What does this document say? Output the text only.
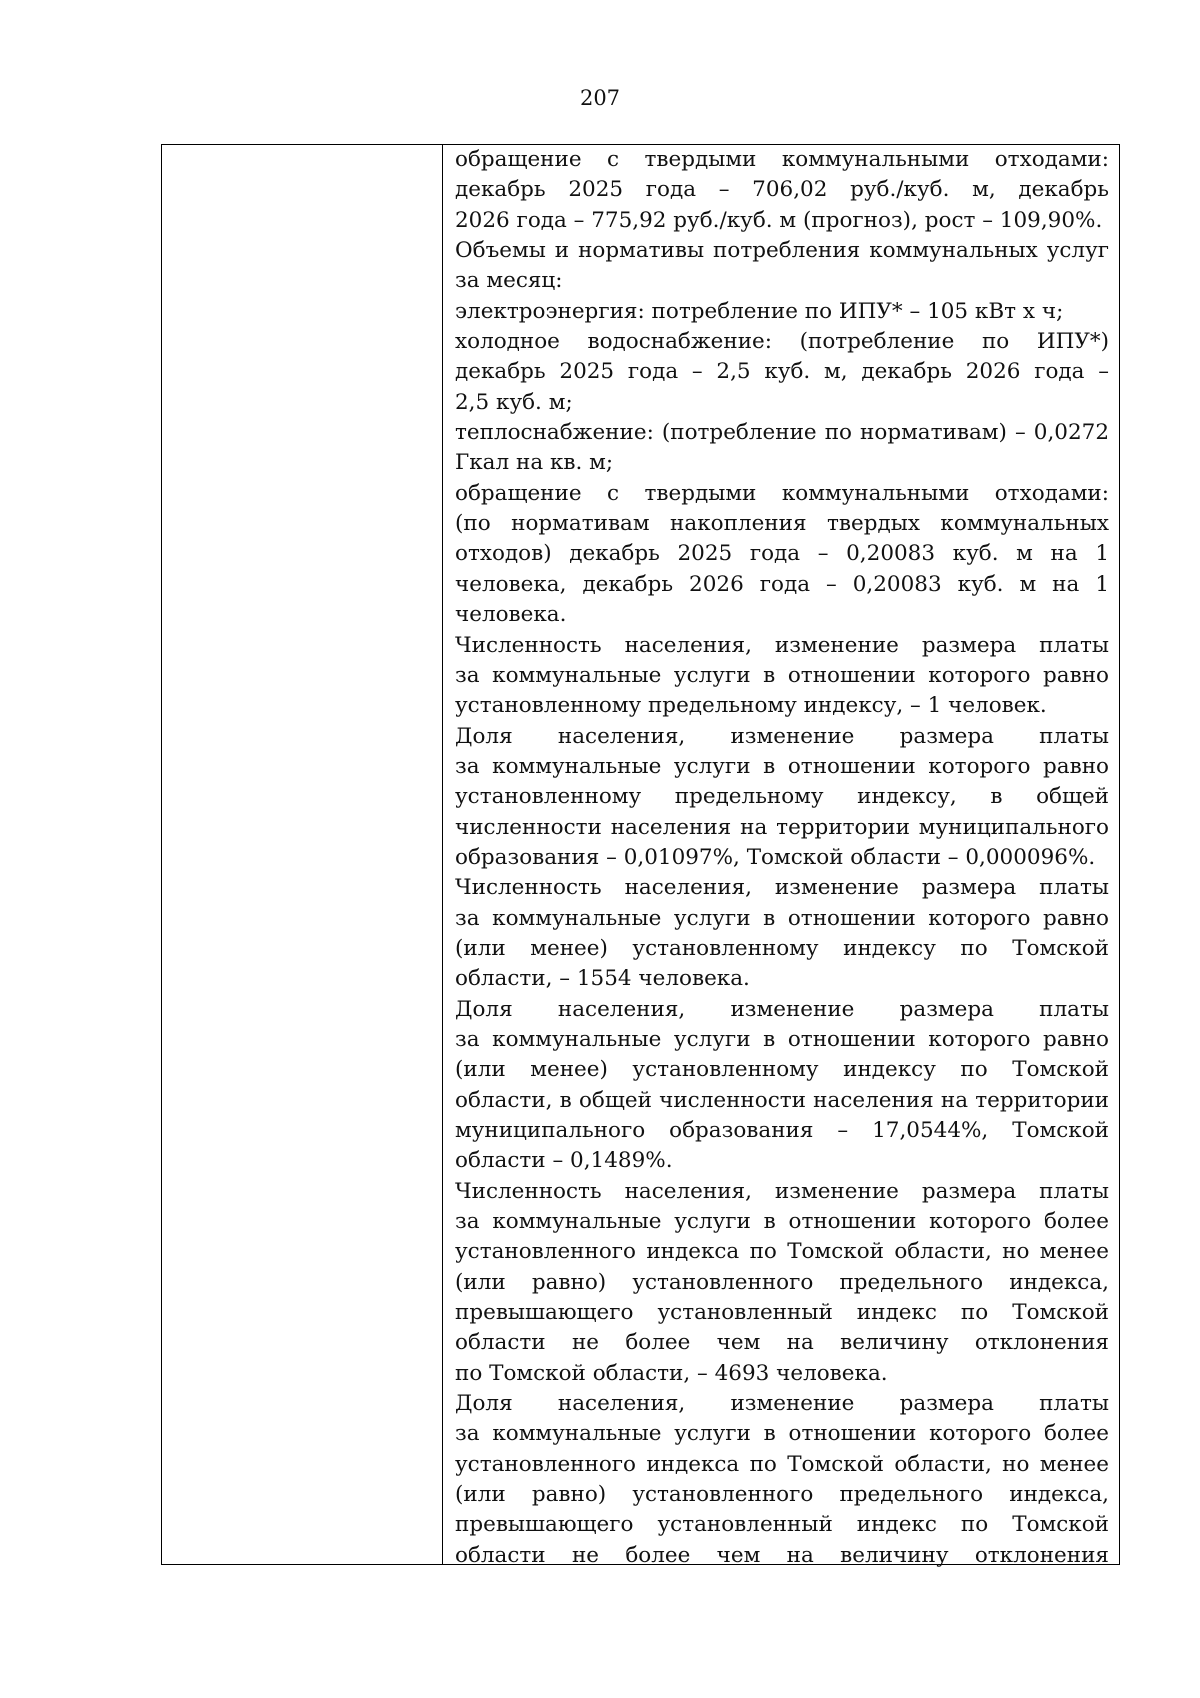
207
обращение с твердыми коммунальными отходами:
декабрь 2025 года – 706,02 руб./куб. м, декабрь
2026 года – 775,92 руб./куб. м (прогноз), рост – 109,90%.
Объемы и нормативы потребления коммунальных услуг
за месяц:
электроэнергия: потребление по ИПУ* – 105 кВт х ч;
холодное водоснабжение: (потребление по ИПУ*)
декабрь 2025 года – 2,5 куб. м, декабрь 2026 года –
2,5 куб. м;
теплоснабжение: (потребление по нормативам) – 0,0272
Гкал на кв. м;
обращение с твердыми коммунальными отходами:
(по нормативам накопления твердых коммунальных
отходов) декабрь 2025 года – 0,20083 куб. м на 1
человека, декабрь 2026 года – 0,20083 куб. м на 1
человека.
Численность населения, изменение размера платы
за коммунальные услуги в отношении которого равно
установленному предельному индексу, – 1 человек.
Доля населения, изменение размера платы
за коммунальные услуги в отношении которого равно
установленному предельному индексу, в общей
численности населения на территории муниципального
образования – 0,01097%, Томской области – 0,000096%.
Численность населения, изменение размера платы
за коммунальные услуги в отношении которого равно
(или менее) установленному индексу по Томской
области, – 1554 человека.
Доля населения, изменение размера платы
за коммунальные услуги в отношении которого равно
(или менее) установленному индексу по Томской
области, в общей численности населения на территории
муниципального образования – 17,0544%, Томской
области – 0,1489%.
Численность населения, изменение размера платы
за коммунальные услуги в отношении которого более
установленного индекса по Томской области, но менее
(или равно) установленного предельного индекса,
превышающего установленный индекс по Томской
области не более чем на величину отклонения
по Томской области, – 4693 человека.
Доля населения, изменение размера платы
за коммунальные услуги в отношении которого более
установленного индекса по Томской области, но менее
(или равно) установленного предельного индекса,
превышающего установленный индекс по Томской
области не более чем на величину отклонения
